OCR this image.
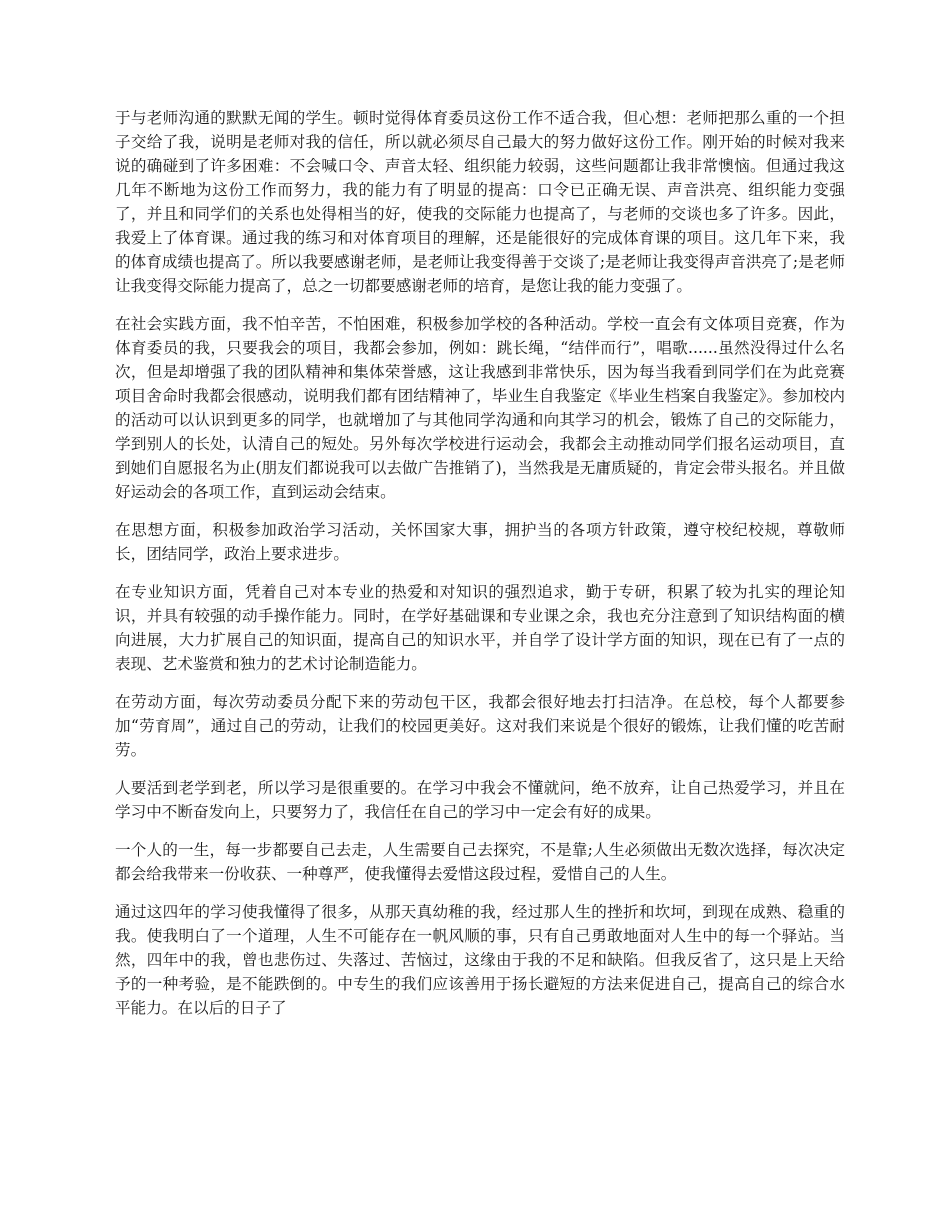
于与老师沟通的默默无闻的学生。顿时觉得体育委员这份工作不适合我，但心想：老师把那么重的一个担子交给了我，说明是老师对我的信任，所以就必须尽自己最大的努力做好这份工作。刚开始的时候对我来说的确碰到了许多困难：不会喊口令、声音太轻、组织能力较弱，这些问题都让我非常懊恼。但通过我这几年不断地为这份工作而努力，我的能力有了明显的提高：口令已正确无误、声音洪亮、组织能力变强了，并且和同学们的关系也处得相当的好，使我的交际能力也提高了，与老师的交谈也多了许多。因此，我爱上了体育课。通过我的练习和对体育项目的理解，还是能很好的完成体育课的项目。这几年下来，我的体育成绩也提高了。所以我要感谢老师，是老师让我变得善于交谈了;是老师让我变得声音洪亮了;是老师让我变得交际能力提高了，总之一切都要感谢老师的培育，是您让我的能力变强了。

在社会实践方面，我不怕辛苦，不怕困难，积极参加学校的各种活动。学校一直会有文体项目竞赛，作为体育委员的我，只要我会的项目，我都会参加，例如：跳长绳，“结伴而行”，唱歌......虽然没得过什么名次，但是却增强了我的团队精神和集体荣誉感，这让我感到非常快乐，因为每当我看到同学们在为此竞赛项目舍命时我都会很感动，说明我们都有团结精神了，毕业生自我鉴定《毕业生档案自我鉴定》。参加校内的活动可以认识到更多的同学，也就增加了与其他同学沟通和向其学习的机会，锻炼了自己的交际能力，学到别人的长处，认清自己的短处。另外每次学校进行运动会，我都会主动推动同学们报名运动项目，直到她们自愿报名为止(朋友们都说我可以去做广告推销了)，当然我是无庸质疑的，肯定会带头报名。并且做好运动会的各项工作，直到运动会结束。

在思想方面，积极参加政治学习活动，关怀国家大事，拥护当的各项方针政策，遵守校纪校规，尊敬师长，团结同学，政治上要求进步。

在专业知识方面，凭着自己对本专业的热爱和对知识的强烈追求，勤于专研，积累了较为扎实的理论知识，并具有较强的动手操作能力。同时，在学好基础课和专业课之余，我也充分注意到了知识结构面的横向进展，大力扩展自己的知识面，提高自己的知识水平，并自学了设计学方面的知识，现在已有了一点的表现、艺术鉴赏和独力的艺术讨论制造能力。

在劳动方面，每次劳动委员分配下来的劳动包干区，我都会很好地去打扫洁净。在总校，每个人都要参加“劳育周”，通过自己的劳动，让我们的校园更美好。这对我们来说是个很好的锻炼，让我们懂的吃苦耐劳。

人要活到老学到老，所以学习是很重要的。在学习中我会不懂就问，绝不放弃，让自己热爱学习，并且在学习中不断奋发向上，只要努力了，我信任在自己的学习中一定会有好的成果。

一个人的一生，每一步都要自己去走，人生需要自己去探究，不是靠;人生必须做出无数次选择，每次决定都会给我带来一份收获、一种尊严，使我懂得去爱惜这段过程，爱惜自己的人生。

通过这四年的学习使我懂得了很多，从那天真幼稚的我，经过那人生的挫折和坎坷，到现在成熟、稳重的我。使我明白了一个道理，人生不可能存在一帆风顺的事，只有自己勇敢地面对人生中的每一个驿站。当然，四年中的我，曾也悲伤过、失落过、苦恼过，这缘由于我的不足和缺陷。但我反省了，这只是上天给予的一种考验，是不能跌倒的。中专生的我们应该善用于扬长避短的方法来促进自己，提高自己的综合水平能力。在以后的日子了
